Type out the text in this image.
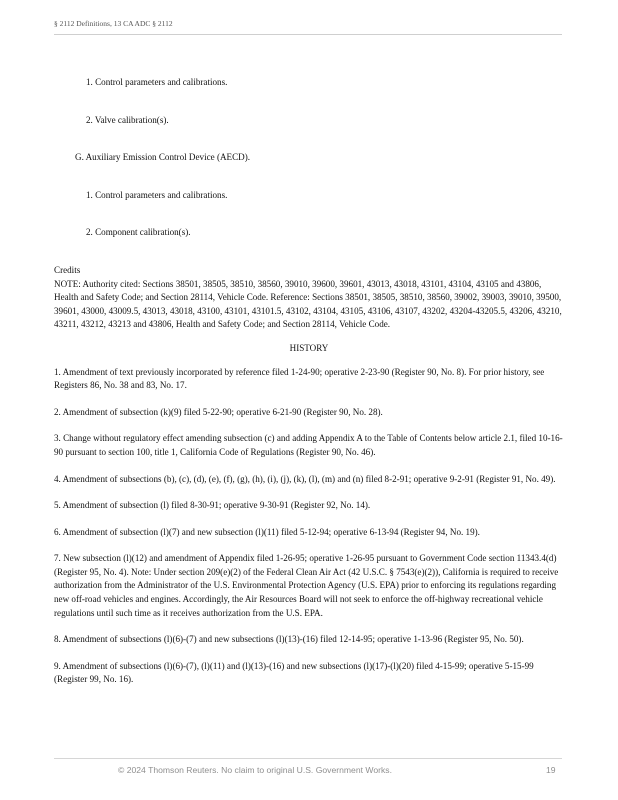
§ 2112 Definitions, 13 CA ADC § 2112

1. Control parameters and calibrations.

2. Valve calibration(s).

G. Auxiliary Emission Control Device (AECD).

1. Control parameters and calibrations.

2. Component calibration(s).

Credits

NOTE: Authority cited: Sections 38501, 38505, 38510, 38560, 39010, 39600, 39601, 43013, 43018, 43101, 43104, 43105 and 43806, Health and Safety Code; and Section 28114, Vehicle Code. Reference: Sections 38501, 38505, 38510, 38560, 39002, 39003, 39010, 39500, 39601, 43000, 43009.5, 43013, 43018, 43100, 43101, 43101.5, 43102, 43104, 43105, 43106, 43107, 43202, 43204-43205.5, 43206, 43210, 43211, 43212, 43213 and 43806, Health and Safety Code; and Section 28114, Vehicle Code.

HISTORY

1. Amendment of text previously incorporated by reference filed 1-24-90; operative 2-23-90 (Register 90, No. 8). For prior history, see Registers 86, No. 38 and 83, No. 17.

2. Amendment of subsection (k)(9) filed 5-22-90; operative 6-21-90 (Register 90, No. 28).

3. Change without regulatory effect amending subsection (c) and adding Appendix A to the Table of Contents below article 2.1, filed 10-16-90 pursuant to section 100, title 1, California Code of Regulations (Register 90, No. 46).

4. Amendment of subsections (b), (c), (d), (e), (f), (g), (h), (i), (j), (k), (l), (m) and (n) filed 8-2-91; operative 9-2-91 (Register 91, No. 49).

5. Amendment of subsection (l) filed 8-30-91; operative 9-30-91 (Register 92, No. 14).

6. Amendment of subsection (l)(7) and new subsection (l)(11) filed 5-12-94; operative 6-13-94 (Register 94, No. 19).

7. New subsection (l)(12) and amendment of Appendix filed 1-26-95; operative 1-26-95 pursuant to Government Code section 11343.4(d) (Register 95, No. 4). Note: Under section 209(e)(2) of the Federal Clean Air Act (42 U.S.C. § 7543(e)(2)), California is required to receive authorization from the Administrator of the U.S. Environmental Protection Agency (U.S. EPA) prior to enforcing its regulations regarding new off-road vehicles and engines. Accordingly, the Air Resources Board will not seek to enforce the off-highway recreational vehicle regulations until such time as it receives authorization from the U.S. EPA.

8. Amendment of subsections (l)(6)-(7) and new subsections (l)(13)-(16) filed 12-14-95; operative 1-13-96 (Register 95, No. 50).

9. Amendment of subsections (l)(6)-(7), (l)(11) and (l)(13)-(16) and new subsections (l)(17)-(l)(20) filed 4-15-99; operative 5-15-99 (Register 99, No. 16).

© 2024 Thomson Reuters. No claim to original U.S. Government Works.	19
